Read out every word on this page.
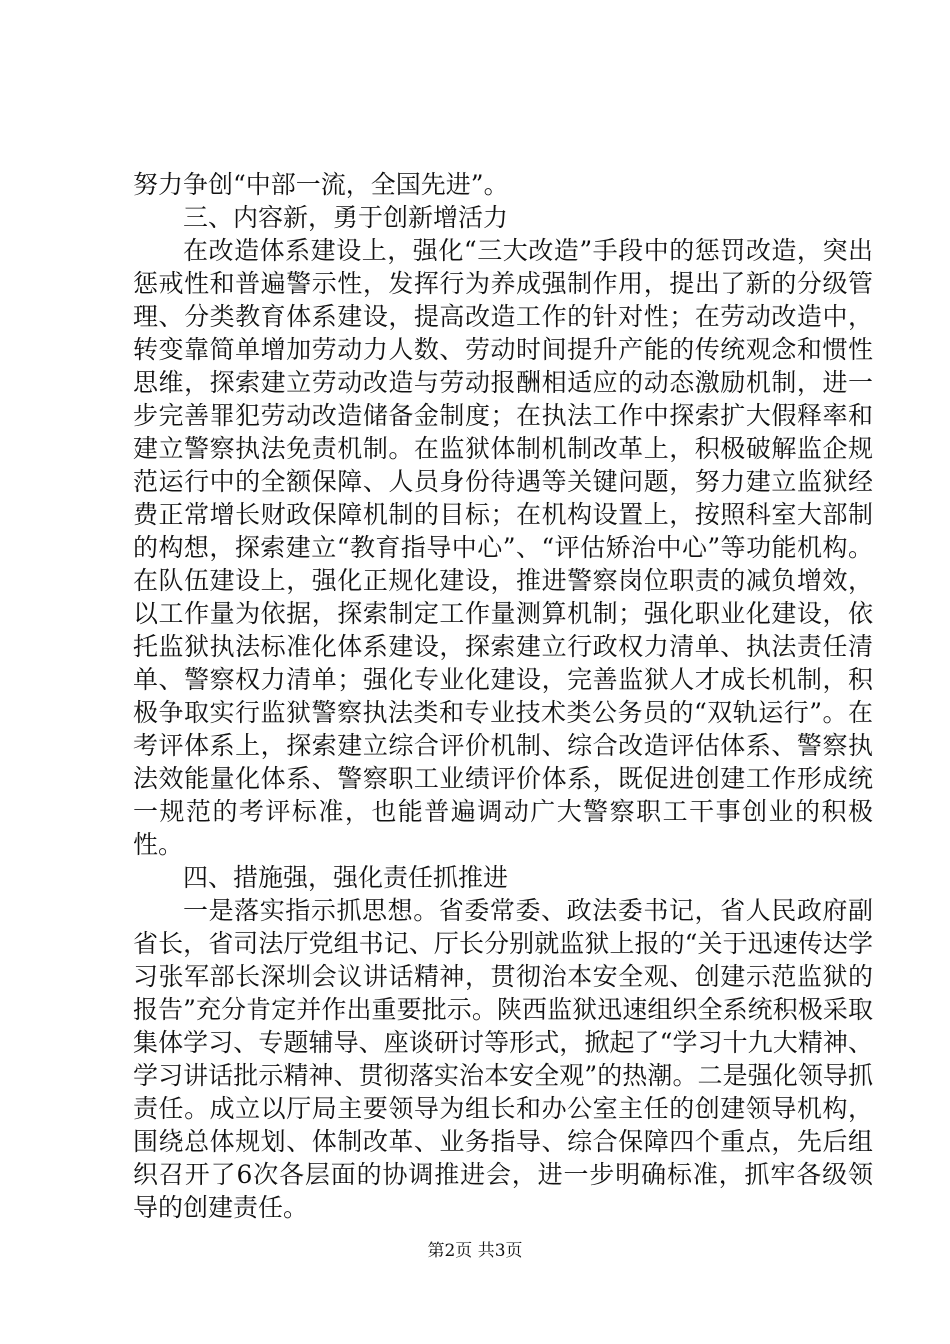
努力争创“中部一流，全国先进”。

三、内容新，勇于创新增活力

在改造体系建设上，强化“三大改造”手段中的惩罚改造，突出惩戒性和普遍警示性，发挥行为养成强制作用，提出了新的分级管理、分类教育体系建设，提高改造工作的针对性；在劳动改造中，转变靠简单增加劳动力人数、劳动时间提升产能的传统观念和惯性思维，探索建立劳动改造与劳动报酬相适应的动态激励机制，进一步完善罪犯劳动改造储备金制度；在执法工作中探索扩大假释率和建立警察执法免责机制。在监狱体制机制改革上，积极破解监企规范运行中的全额保障、人员身份待遇等关键问题，努力建立监狱经费正常增长财政保障机制的目标；在机构设置上，按照科室大部制的构想，探索建立“教育指导中心”、“评估矫治中心”等功能机构。在队伍建设上，强化正规化建设，推进警察岗位职责的减负增效，以工作量为依据，探索制定工作量测算机制；强化职业化建设，依托监狱执法标准化体系建设，探索建立行政权力清单、执法责任清单、警察权力清单；强化专业化建设，完善监狱人才成长机制，积极争取实行监狱警察执法类和专业技术类公务员的“双轨运行”。在考评体系上，探索建立综合评价机制、综合改造评估体系、警察执法效能量化体系、警察职工业绩评价体系，既促进创建工作形成统一规范的考评标准，也能普遍调动广大警察职工干事创业的积极性。

四、措施强，强化责任抓推进

一是落实指示抓思想。省委常委、政法委书记，省人民政府副省长，省司法厅党组书记、厅长分别就监狱上报的“关于迅速传达学习张军部长深圳会议讲话精神，贯彻治本安全观、创建示范监狱的报告”充分肯定并作出重要批示。陕西监狱迅速组织全系统积极采取集体学习、专题辅导、座谈研讨等形式，掀起了“学习十九大精神、学习讲话批示精神、贯彻落实治本安全观”的热潮。二是强化领导抓责任。成立以厅局主要领导为组长和办公室主任的创建领导机构，围绕总体规划、体制改革、业务指导、综合保障四个重点，先后组织召开了6次各层面的协调推进会，进一步明确标准，抓牢各级领导的创建责任。

第2页 共3页
